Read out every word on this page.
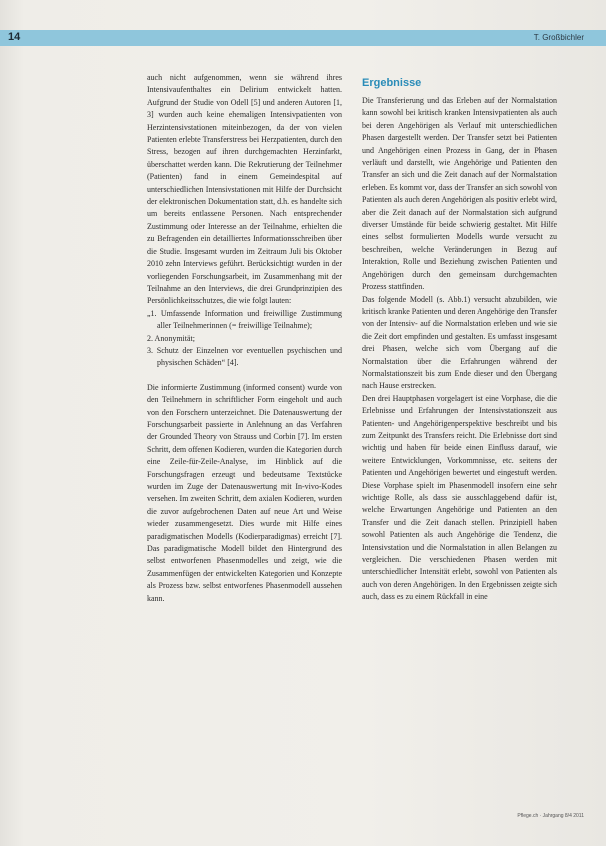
14	T. Großbichler

auch nicht aufgenommen, wenn sie während ihres Intensivaufenthaltes ein Delirium entwickelt hatten. Aufgrund der Studie von Odell [5] und anderen Autoren [1, 3] wurden auch keine ehemaligen Intensivpatienten von Herzintensivstationen miteinbezogen, da der von vielen Patienten erlebte Transferstress bei Herzpatienten, durch den Stress, bezogen auf ihren durchgemachten Herzinfarkt, überschattet werden kann. Die Rekrutierung der Teilnehmer (Patienten) fand in einem Gemeindespital auf unterschiedlichen Intensivstationen mit Hilfe der Durchsicht der elektronischen Dokumentation statt, d.h. es handelte sich um bereits entlassene Personen. Nach entsprechender Zustimmung oder Interesse an der Teilnahme, erhielten die zu Befragenden ein detailliertes Informationsschreiben über die Studie. Insgesamt wurden im Zeitraum Juli bis Oktober 2010 zehn Interviews geführt. Berücksichtigt wurden in der vorliegenden Forschungsarbeit, im Zusammenhang mit der Teilnahme an den Interviews, die drei Grundprinzipien des Persönlichkeitsschutzes, die wie folgt lauten:

„1. Umfassende Information und freiwillige Zustimmung aller Teilnehmerinnen (= freiwillige Teilnahme);
2. Anonymität;
3. Schutz der Einzelnen vor eventuellen psychischen und physischen Schäden“ [4].

Die informierte Zustimmung (informed consent) wurde von den Teilnehmern in schriftlicher Form eingeholt und auch von den Forschern unterzeichnet. Die Datenauswertung der Forschungsarbeit passierte in Anlehnung an das Verfahren der Grounded Theory von Strauss und Corbin [7]. Im ersten Schritt, dem offenen Kodieren, wurden die Kategorien durch eine Zeile-für-Zeile-Analyse, im Hinblick auf die Forschungsfragen erzeugt und bedeutsame Textstücke wurden im Zuge der Datenauswertung mit In-vivo-Kodes versehen. Im zweiten Schritt, dem axialen Kodieren, wurden die zuvor aufgebrochenen Daten auf neue Art und Weise wieder zusammengesetzt. Dies wurde mit Hilfe eines paradigmatischen Modells (Kodierparadigmas) erreicht [7]. Das paradigmatische Modell bildet den Hintergrund des selbst entworfenen Phasenmodelles und zeigt, wie die Zusammenfügen der entwickelten Kategorien und Konzepte als Prozess bzw. selbst entworfenes Phasenmodell aussehen kann.

Ergebnisse

Die Transferierung und das Erleben auf der Normalstation kann sowohl bei kritisch kranken Intensivpatienten als auch bei deren Angehörigen als Verlauf mit unterschiedlichen Phasen dargestellt werden. Der Transfer setzt bei Patienten und Angehörigen einen Prozess in Gang, der in Phasen verläuft und darstellt, wie Angehörige und Patienten den Transfer an sich und die Zeit danach auf der Normalstation erleben. Es kommt vor, dass der Transfer an sich sowohl von Patienten als auch deren Angehörigen als positiv erlebt wird, aber die Zeit danach auf der Normalstation sich aufgrund diverser Umstände für beide schwierig gestaltet. Mit Hilfe eines selbst formulierten Modells wurde versucht zu beschreiben, welche Veränderungen in Bezug auf Interaktion, Rolle und Beziehung zwischen Patienten und Angehörigen durch den gemeinsam durchgemachten Prozess stattfinden.

Das folgende Modell (s. Abb.1) versucht abzubilden, wie kritisch kranke Patienten und deren Angehörige den Transfer von der Intensiv- auf die Normalstation erleben und wie sie die Zeit dort empfinden und gestalten. Es umfasst insgesamt drei Phasen, welche sich vom Übergang auf die Normalstation über die Erfahrungen während der Normalstationszeit bis zum Ende dieser und den Übergang nach Hause erstrecken.

Den drei Hauptphasen vorgelagert ist eine Vorphase, die die Erlebnisse und Erfahrungen der Intensivstationszeit aus Patienten- und Angehörigenperspektive beschreibt und bis zum Zeitpunkt des Transfers reicht. Die Erlebnisse dort sind wichtig und haben für beide einen Einfluss darauf, wie weitere Entwicklungen, Vorkommnisse, etc. seitens der Patienten und Angehörigen bewertet und eingestuft werden. Diese Vorphase spielt im Phasenmodell insofern eine sehr wichtige Rolle, als dass sie ausschlaggebend dafür ist, welche Erwartungen Angehörige und Patienten an den Transfer und die Zeit danach stellen. Prinzipiell haben sowohl Patienten als auch Angehörige die Tendenz, die Intensivstation und die Normalstation in allen Belangen zu vergleichen. Die verschiedenen Phasen werden mit unterschiedlicher Intensität erlebt, sowohl von Patienten als auch von deren Angehörigen. In den Ergebnissen zeigte sich auch, dass es zu einem Rückfall in eine

Pflege.ch · Jahrgang 8/4 2011
